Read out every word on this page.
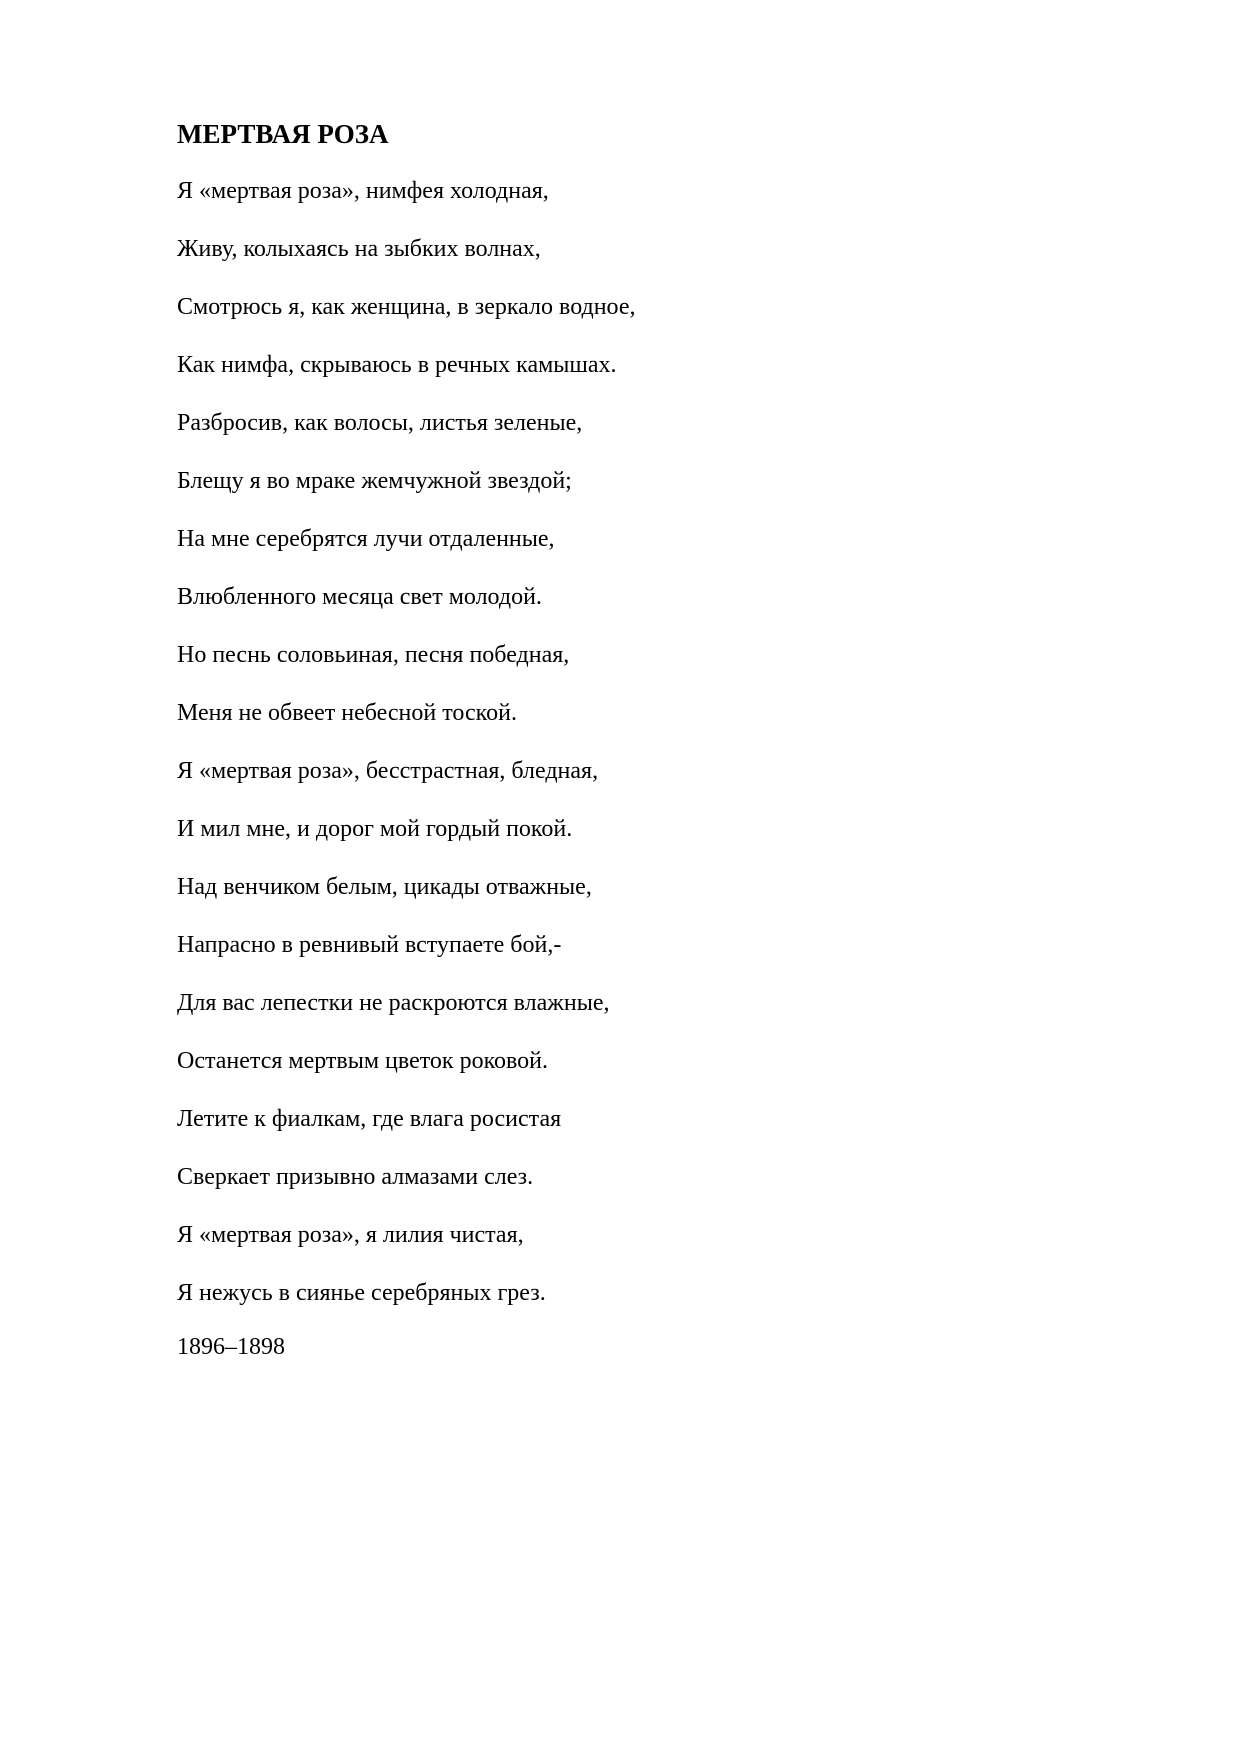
МЕРТВАЯ РОЗА
Я «мертвая роза», нимфея холодная,
Живу, колыхаясь на зыбких волнах,
Смотрюсь я, как женщина, в зеркало водное,
Как нимфа, скрываюсь в речных камышах.
Разбросив, как волосы, листья зеленые,
Блещу я во мраке жемчужной звездой;
На мне серебрятся лучи отдаленные,
Влюбленного месяца свет молодой.
Но песнь соловьиная, песня победная,
Меня не обвеет небесной тоской.
Я «мертвая роза», бесстрастная, бледная,
И мил мне, и дорог мой гордый покой.
Над венчиком белым, цикады отважные,
Напрасно в ревнивый вступаете бой,-
Для вас лепестки не раскроются влажные,
Останется мертвым цветок роковой.
Летите к фиалкам, где влага росистая
Сверкает призывно алмазами слез.
Я «мертвая роза», я лилия чистая,
Я нежусь в сиянье серебряных грез.
1896–1898
